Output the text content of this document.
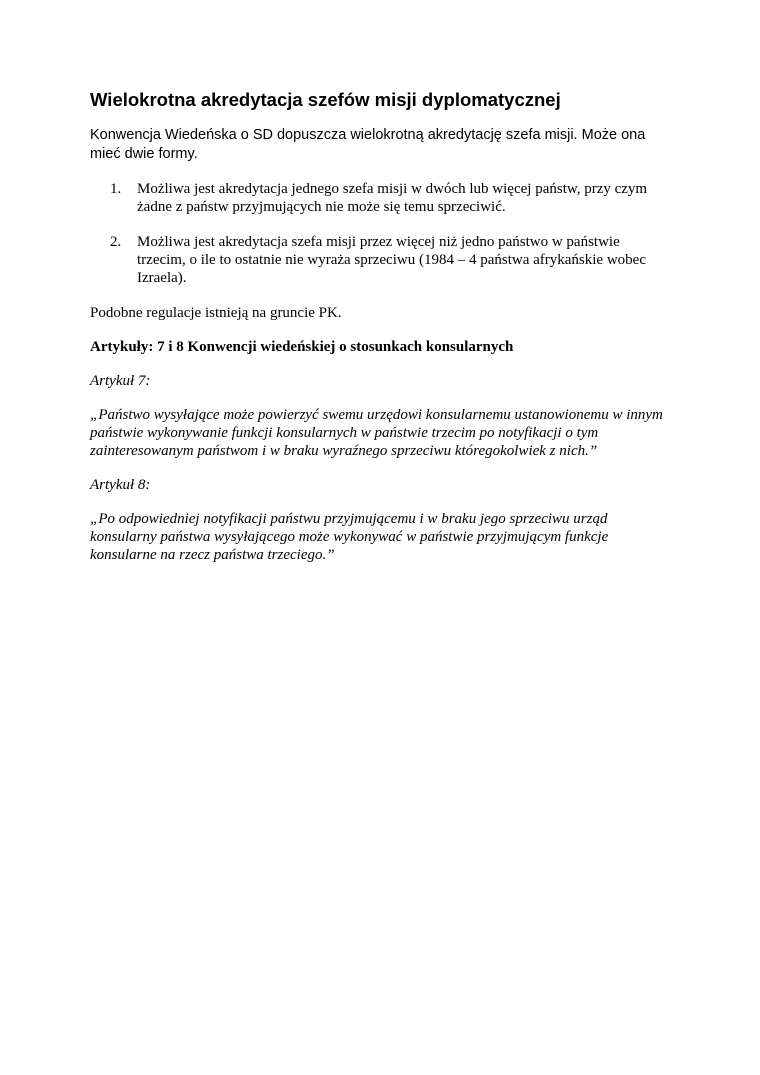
Wielokrotna akredytacja szefów misji dyplomatycznej

Konwencja Wiedeńska o SD dopuszcza wielokrotną akredytację szefa misji. Może ona mieć dwie formy.

1. Możliwa jest akredytacja jednego szefa misji w dwóch lub więcej państw, przy czym żadne z państw przyjmujących nie może się temu sprzeciwić.
2. Możliwa jest akredytacja szefa misji przez więcej niż jedno państwo w państwie trzecim, o ile to ostatnie nie wyraża sprzeciwu (1984 – 4 państwa afrykańskie wobec Izraela).

Podobne regulacje istnieją na gruncie PK.

Artykuły: 7 i 8 Konwencji wiedeńskiej o stosunkach konsularnych

Artykuł 7:

„Państwo wysyłające może powierzyć swemu urzędowi konsularnemu ustanowionemu w innym państwie wykonywanie funkcji konsularnych w państwie trzecim po notyfikacji o tym zainteresowanym państwom i w braku wyraźnego sprzeciwu któregokolwiek z nich.”

Artykuł 8:

„Po odpowiedniej notyfikacji państwu przyjmującemu i w braku jego sprzeciwu urząd konsularny państwa wysyłającego może wykonywać w państwie przyjmującym funkcje konsularne na rzecz państwa trzeciego.”
